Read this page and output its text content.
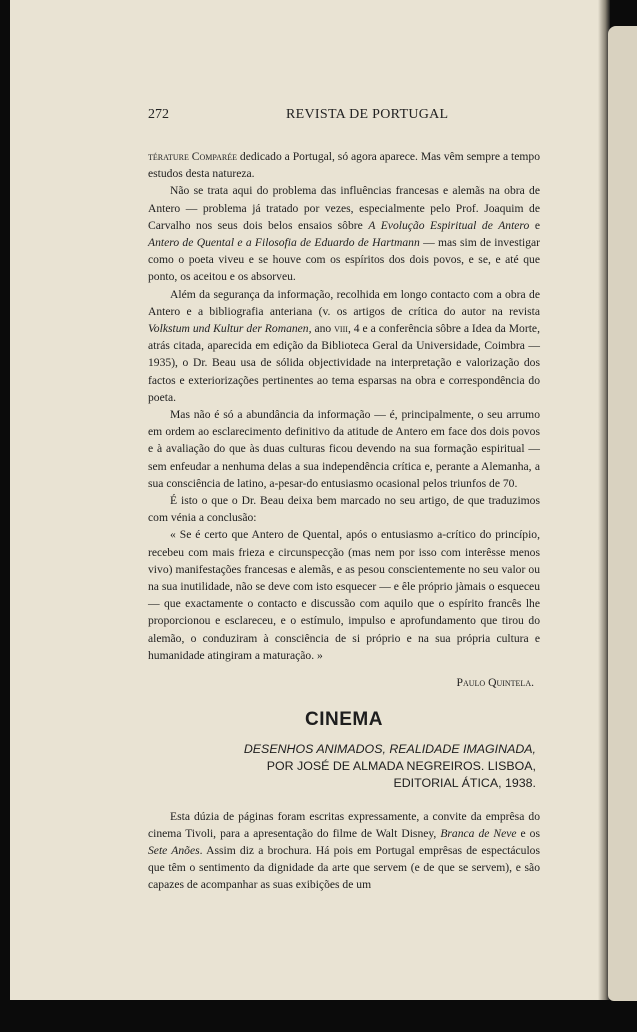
272	REVISTA DE PORTUGAL

térature Comparée dedicado a Portugal, só agora aparece. Mas vêm sempre a tempo estudos desta natureza.

Não se trata aqui do problema das influências francesas e alemãs na obra de Antero — problema já tratado por vezes, especialmente pelo Prof. Joaquim de Carvalho nos seus dois belos ensaios sôbre A Evolução Espiritual de Antero e Antero de Quental e a Filosofia de Eduardo de Hartmann — mas sim de investigar como o poeta viveu e se houve com os espíritos dos dois povos, e se, e até que ponto, os aceitou e os absorveu.

Além da segurança da informação, recolhida em longo contacto com a obra de Antero e a bibliografia anteriana (v. os artigos de crítica do autor na revista Volkstum und Kultur der Romanen, ano viii, 4 e a conferência sôbre a Idea da Morte, atrás citada, aparecida em edição da Biblioteca Geral da Universidade, Coimbra — 1935), o Dr. Beau usa de sólida objectividade na interpretação e valorização dos factos e exteriorizações pertinentes ao tema esparsas na obra e correspondência do poeta.

Mas não é só a abundância da informação — é, principalmente, o seu arrumo em ordem ao esclarecimento definitivo da atitude de Antero em face dos dois povos e à avaliação do que às duas culturas ficou devendo na sua formação espiritual — sem enfeudar a nenhuma delas a sua independência crítica e, perante a Alemanha, a sua consciência de latino, a-pesar-do entusiasmo ocasional pelos triunfos de 70.

É isto o que o Dr. Beau deixa bem marcado no seu artigo, de que traduzimos com vénia a conclusão:

« Se é certo que Antero de Quental, após o entusiasmo a-crítico do princípio, recebeu com mais frieza e circunspecção (mas nem por isso com interêsse menos vivo) manifestações francesas e alemãs, e as pesou conscientemente no seu valor ou na sua inutilidade, não se deve com isto esquecer — e êle próprio jàmais o esqueceu — que exactamente o contacto e discussão com aquilo que o espírito francês lhe proporcionou e esclareceu, e o estímulo, impulso e aprofundamento que tirou do alemão, o conduziram à consciência de si próprio e na sua própria cultura e humanidade atingiram a maturação. »

Paulo Quintela.
CINEMA
DESENHOS ANIMADOS, REALIDADE IMAGINADA,
POR JOSÉ DE ALMADA NEGREIROS. LISBOA,
EDITORIAL ÁTICA, 1938.

Esta dúzia de páginas foram escritas expressamente, a convite da emprêsa do cinema Tivoli, para a apresentação do filme de Walt Disney, Branca de Neve e os Sete Anões. Assim diz a brochura. Há pois em Portugal emprêsas de espectáculos que têm o sentimento da dignidade da arte que servem (e de que se servem), e são capazes de acompanhar as suas exibições de um
